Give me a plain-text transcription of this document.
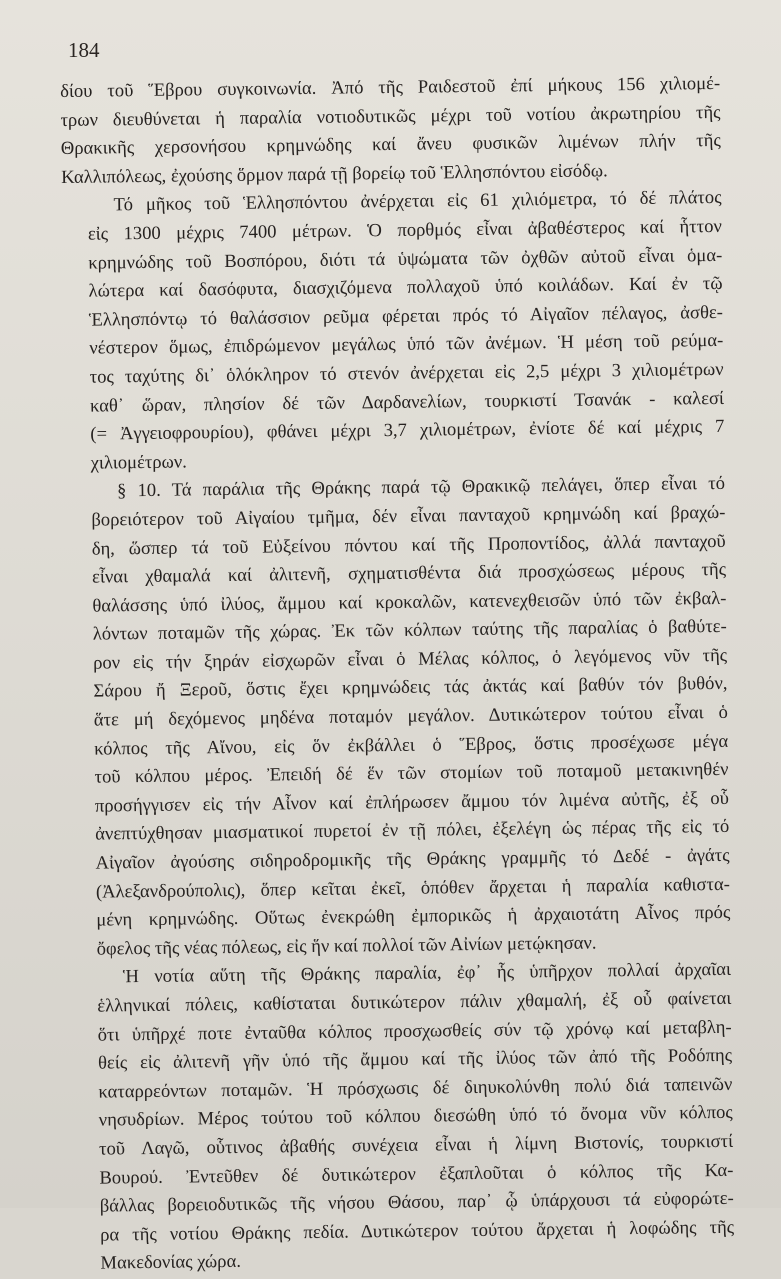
184
δίου τοῦ Ἕβρου συγκοινωνία. Ἀπό τῆς Ραιδεστοῦ ἐπί μήκους 156 χιλιομέ-
τρων διευθύνεται ἡ παραλία νοτιοδυτικῶς μέχρι τοῦ νοτίου ἀκρωτηρίου τῆς
Θρακικῆς χερσονήσου κρημνώδης καί ἄνευ φυσικῶν λιμένων πλήν τῆς
Καλλιπόλεως, ἐχούσης ὅρμον παρά τῇ βορείῳ τοῦ Ἑλλησπόντου εἰσόδῳ.
Τό μῆκος τοῦ Ἑλλησπόντου ἀνέρχεται εἰς 61 χιλιόμετρα, τό δέ πλάτος
εἰς 1300 μέχρις 7400 μέτρων. Ὁ πορθμός εἶναι ἀβαθέστερος καί ἧττον
κρημνώδης τοῦ Βοσπόρου, διότι τά ὑψώματα τῶν ὀχθῶν αὐτοῦ εἶναι ὁμα-
λώτερα καί δασόφυτα, διασχιζόμενα πολλαχοῦ ὑπό κοιλάδων. Καί ἐν τῷ
Ἑλλησπόντῳ τό θαλάσσιον ρεῦμα φέρεται πρός τό Αἰγαῖον πέλαγος, ἀσθε-
νέστερον ὅμως, ἐπιδρώμενον μεγάλως ὑπό τῶν ἀνέμων. Ἡ μέση τοῦ ρεύμα-
τος ταχύτης δι᾽ ὁλόκληρον τό στενόν ἀνέρχεται εἰς 2,5 μέχρι 3 χιλιομέτρων
καθ᾽ ὥραν, πλησίον δέ τῶν Δαρδανελίων, τουρκιστί Τσανάκ - καλεσί
(= Ἀγγειοφρουρίου), φθάνει μέχρι 3,7 χιλιομέτρων, ἐνίοτε δέ καί μέχρις 7
χιλιομέτρων.
§ 10. Τά παράλια τῆς Θράκης παρά τῷ Θρακικῷ πελάγει, ὅπερ εἶναι τό
βορειότερον τοῦ Αἰγαίου τμῆμα, δέν εἶναι πανταχοῦ κρημνώδη καί βραχώ-
δη, ὥσπερ τά τοῦ Εὐξείνου πόντου καί τῆς Προποντίδος, ἀλλά πανταχοῦ
εἶναι χθαμαλά καί ἀλιτενῆ, σχηματισθέντα διά προσχώσεως μέρους τῆς
θαλάσσης ὑπό ἰλύος, ἄμμου καί κροκαλῶν, κατενεχθεισῶν ὑπό τῶν ἐκβαλ-
λόντων ποταμῶν τῆς χώρας. Ἐκ τῶν κόλπων ταύτης τῆς παραλίας ὁ βαθύτε-
ρον εἰς τήν ξηράν εἰσχωρῶν εἶναι ὁ Μέλας κόλπος, ὁ λεγόμενος νῦν τῆς
Σάρου ἤ Ξεροῦ, ὅστις ἔχει κρημνώδεις τάς ἀκτάς καί βαθύν τόν βυθόν,
ἅτε μή δεχόμενος μηδένα ποταμόν μεγάλον. Δυτικώτερον τούτου εἶναι ὁ
κόλπος τῆς Αἴνου, εἰς ὅν ἐκβάλλει ὁ Ἕβρος, ὅστις προσέχωσε μέγα
τοῦ κόλπου μέρος. Ἐπειδή δέ ἕν τῶν στομίων τοῦ ποταμοῦ μετακινηθέν
προσήγγισεν εἰς τήν Αἶνον καί ἐπλήρωσεν ἄμμου τόν λιμένα αὐτῆς, ἐξ οὗ
ἀνεπτύχθησαν μιασματικοί πυρετοί ἐν τῇ πόλει, ἐξελέγη ὡς πέρας τῆς εἰς τό
Αἰγαῖον ἀγούσης σιδηροδρομικῆς τῆς Θράκης γραμμῆς τό Δεδέ - ἀγάτς
(Ἀλεξανδρούπολις), ὅπερ κεῖται ἐκεῖ, ὁπόθεν ἄρχεται ἡ παραλία καθιστα-
μένη κρημνώδης. Οὕτως ἐνεκρώθη ἐμπορικῶς ἡ ἀρχαιοτάτη Αἶνος πρός
ὄφελος τῆς νέας πόλεως, εἰς ἥν καί πολλοί τῶν Αἰνίων μετῴκησαν.
Ἡ νοτία αὕτη τῆς Θράκης παραλία, ἐφ᾽ ἧς ὑπῆρχον πολλαί ἀρχαῖαι
ἑλληνικαί πόλεις, καθίσταται δυτικώτερον πάλιν χθαμαλή, ἐξ οὗ φαίνεται
ὅτι ὑπῆρχέ ποτε ἐνταῦθα κόλπος προσχωσθείς σύν τῷ χρόνῳ καί μεταβλη-
θείς εἰς ἀλιτενῆ γῆν ὑπό τῆς ἄμμου καί τῆς ἰλύος τῶν ἀπό τῆς Ροδόπης
καταρρεόντων ποταμῶν. Ἡ πρόσχωσις δέ διηυκολύνθη πολύ διά ταπεινῶν
νησυδρίων. Μέρος τούτου τοῦ κόλπου διεσώθη ὑπό τό ὄνομα νῦν κόλπος
τοῦ Λαγῶ, οὗτινος ἀβαθής συνέχεια εἶναι ἡ λίμνη Βιστονίς, τουρκιστί
Βουρού. Ἐντεῦθεν δέ δυτικώτερον ἐξαπλοῦται ὁ κόλπος τῆς Κα-
βάλλας βορειοδυτικῶς τῆς νήσου Θάσου, παρ᾽ ᾧ ὑπάρχουσι τά εὐφορώτε-
ρα τῆς νοτίου Θράκης πεδία. Δυτικώτερον τούτου ἄρχεται ἡ λοφώδης τῆς
Μακεδονίας χώρα.
